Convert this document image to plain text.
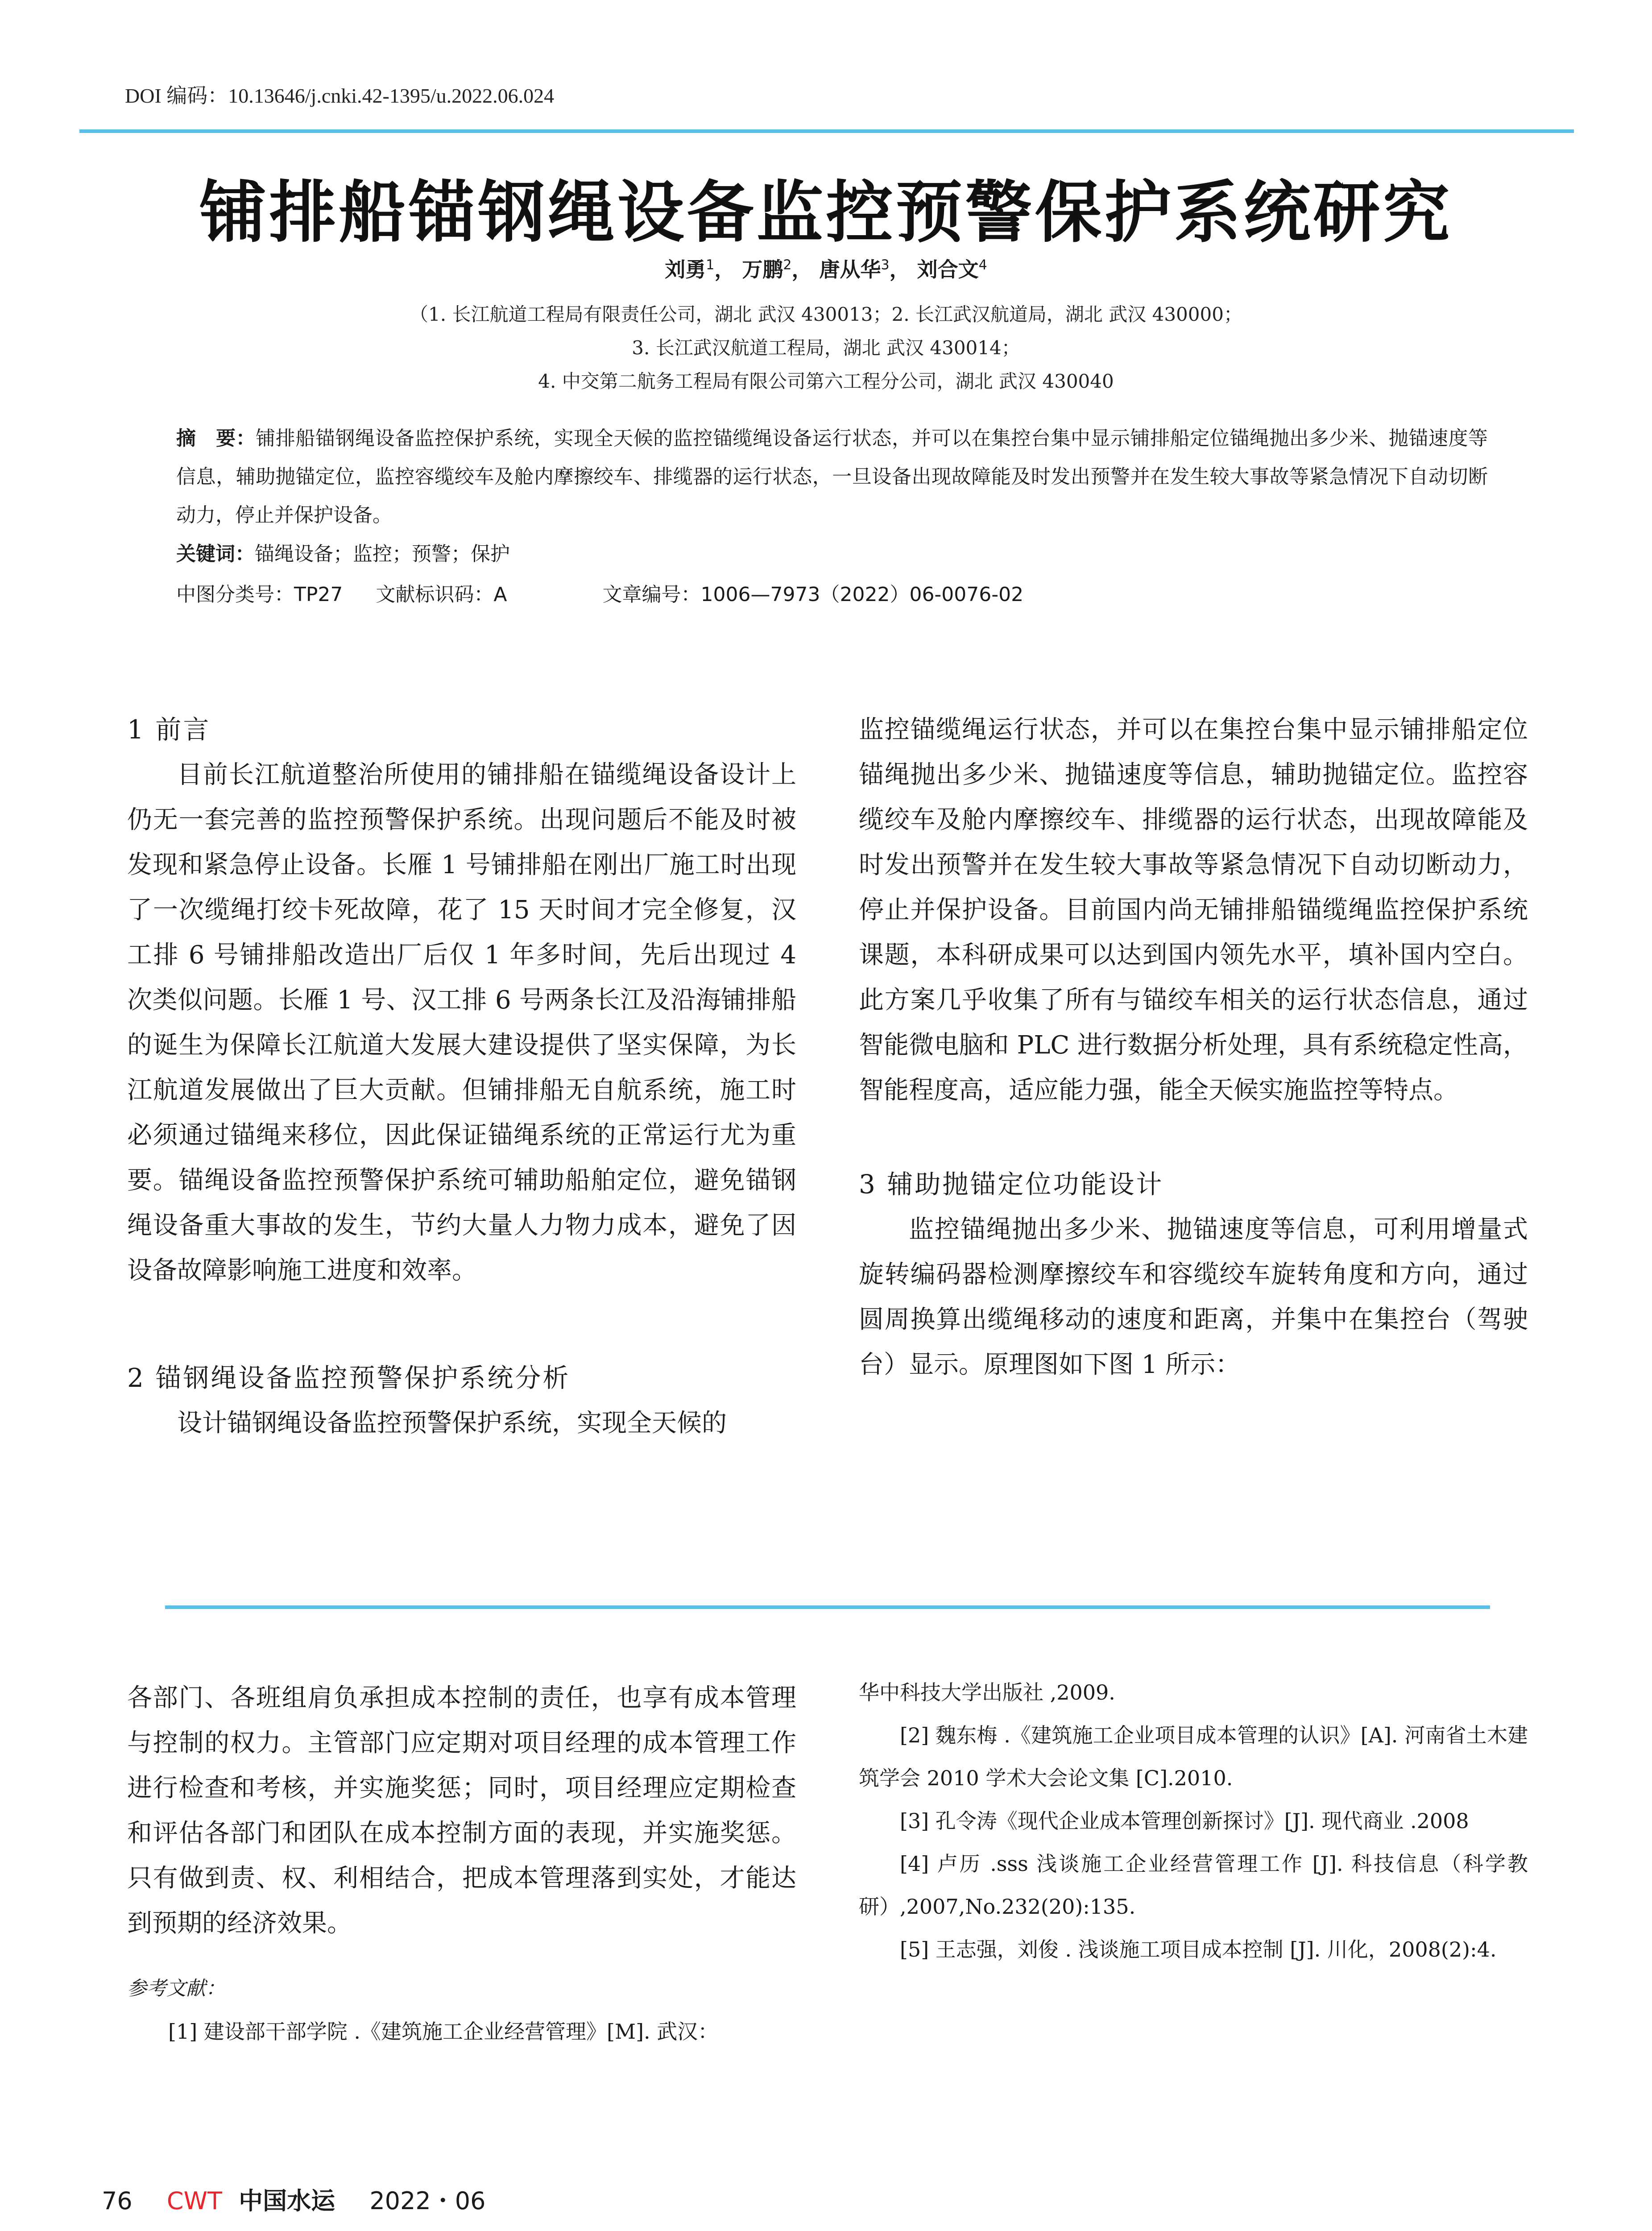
DOI 编码：10.13646/j.cnki.42-1395/u.2022.06.024
铺排船锚钢绳设备监控预警保护系统研究
刘勇$^1$， 万鹏$^2$， 唐从华$^3$， 刘合文$^4$
（1. 长江航道工程局有限责任公司，湖北 武汉 430013；2. 长江武汉航道局，湖北 武汉 430000；
3. 长江武汉航道工程局，湖北 武汉 430014；
4. 中交第二航务工程局有限公司第六工程分公司，湖北 武汉 430040
摘　要：铺排船锚钢绳设备监控保护系统，实现全天候的监控锚缆绳设备运行状态，并可以在集控台集中显示铺排船定位锚绳抛出多少米、抛锚速度等信息，辅助抛锚定位，监控容缆绞车及舱内摩擦绞车、排缆器的运行状态，一旦设备出现故障能及时发出预警并在发生较大事故等紧急情况下自动切断动力，停止并保护设备。
关键词：锚绳设备；监控；预警；保护
中图分类号：TP27 文献标识码：A	文章编号：1006—7973（2022）06-0076-02
1 前言

目前长江航道整治所使用的铺排船在锚缆绳设备设计上仍无一套完善的监控预警保护系统。出现问题后不能及时被发现和紧急停止设备。长雁 1 号铺排船在刚出厂施工时出现了一次缆绳打绞卡死故障，花了 15 天时间才完全修复，汉工排 6 号铺排船改造出厂后仅 1 年多时间，先后出现过 4 次类似问题。长雁 1 号、汉工排 6 号两条长江及沿海铺排船的诞生为保障长江航道大发展大建设提供了坚实保障，为长江航道发展做出了巨大贡献。但铺排船无自航系统，施工时必须通过锚绳来移位，因此保证锚绳系统的正常运行尤为重要。锚绳设备监控预警保护系统可辅助船舶定位，避免锚钢绳设备重大事故的发生，节约大量人力物力成本，避免了因设备故障影响施工进度和效率。

2 锚钢绳设备监控预警保护系统分析

设计锚钢绳设备监控预警保护系统，实现全天候的

监控锚缆绳运行状态，并可以在集控台集中显示铺排船定位锚绳抛出多少米、抛锚速度等信息，辅助抛锚定位。监控容缆绞车及舱内摩擦绞车、排缆器的运行状态，出现故障能及时发出预警并在发生较大事故等紧急情况下自动切断动力，停止并保护设备。目前国内尚无铺排船锚缆绳监控保护系统课题，本科研成果可以达到国内领先水平，填补国内空白。此方案几乎收集了所有与锚绞车相关的运行状态信息，通过智能微电脑和 PLC 进行数据分析处理，具有系统稳定性高，智能程度高，适应能力强，能全天候实施监控等特点。

3 辅助抛锚定位功能设计

监控锚绳抛出多少米、抛锚速度等信息，可利用增量式旋转编码器检测摩擦绞车和容缆绞车旋转角度和方向，通过圆周换算出缆绳移动的速度和距离，并集中在集控台（驾驶台）显示。原理图如下图 1 所示：

各部门、各班组肩负承担成本控制的责任，也享有成本管理与控制的权力。主管部门应定期对项目经理的成本管理工作进行检查和考核，并实施奖惩；同时，项目经理应定期检查和评估各部门和团队在成本控制方面的表现，并实施奖惩。只有做到责、权、利相结合，把成本管理落到实处，才能达到预期的经济效果。
参考文献：

[1] 建设部干部学院 .《建筑施工企业经营管理》[M]. 武汉：

华中科技大学出版社 ,2009.

[2] 魏东梅 .《建筑施工企业项目成本管理的认识》[A]. 河南省土木建筑学会 2010 学术大会论文集 [C].2010.

[3] 孔令涛《现代企业成本管理创新探讨》[J]. 现代商业 .2008

[4] 卢历 .sss 浅谈施工企业经营管理工作 [J]. 科技信息（科学教研）,2007,No.232(20):135.

[5] 王志强，刘俊 . 浅谈施工项目成本控制 [J]. 川化，2008(2):4.

76 CWT 中国水运 2022・06
